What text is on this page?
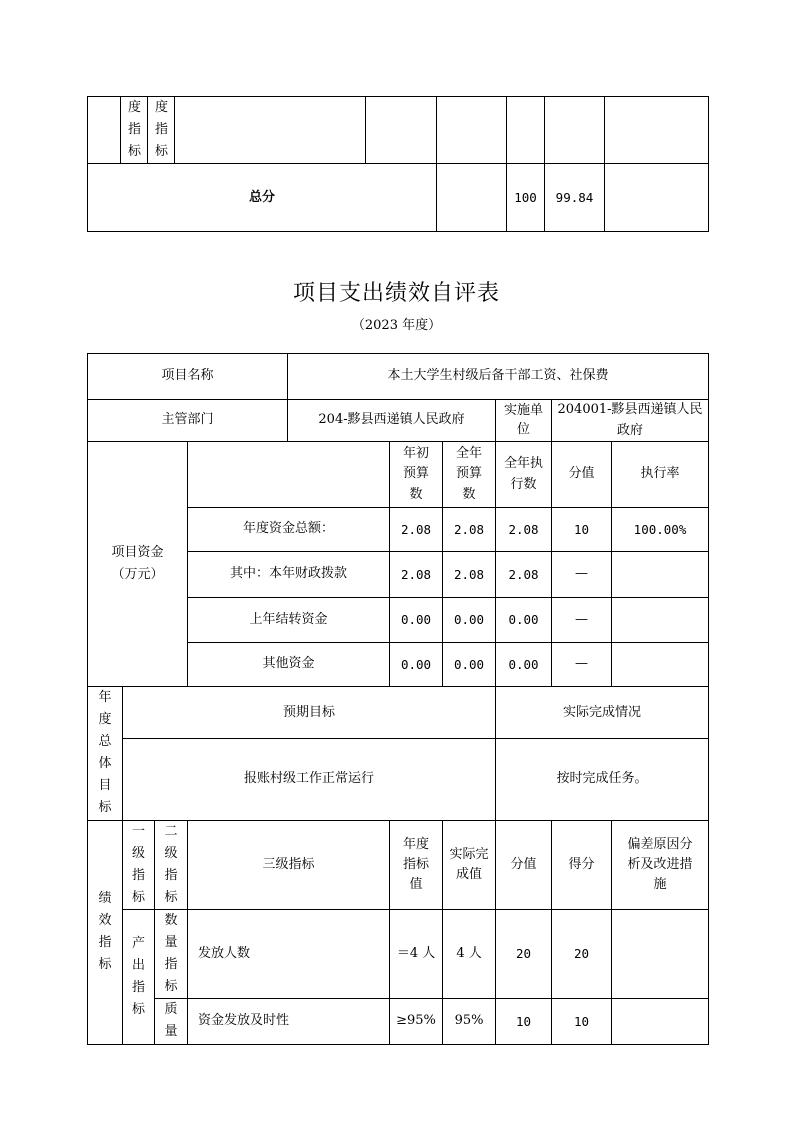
	度指标	度指标						
总分						100	99.84	
项目支出绩效自评表
（2023 年度）
项目名称				本土大学生村级后备干部工资、社保费					
主管部门				204-黟县西递镇人民政府			实施单位	204001-黟县西递镇人民政府	
项目资金（万元）					年初预算数	全年预算数	全年执行数	分值	执行率
			年度资金总额：		2.08	2.08	2.08	10	100.00%
			其中：本年财政拨款		2.08	2.08	2.08	—	
			上年结转资金		0.00	0.00	0.00	—	
			其他资金		0.00	0.00	0.00	—	
年度总体目标	预期目标						实际完成情况		
	报账村级工作正常运行						按时完成任务。		
绩效指标	一级指标	二级指标	三级指标		年度指标值	实际完成值	分值	得分	偏差原因分析及改进措施
	产出指标	数量指标	发放人数		＝4 人	4 人	20	20	
		质量	资金发放及时性		≥95%	95%	10	10	
